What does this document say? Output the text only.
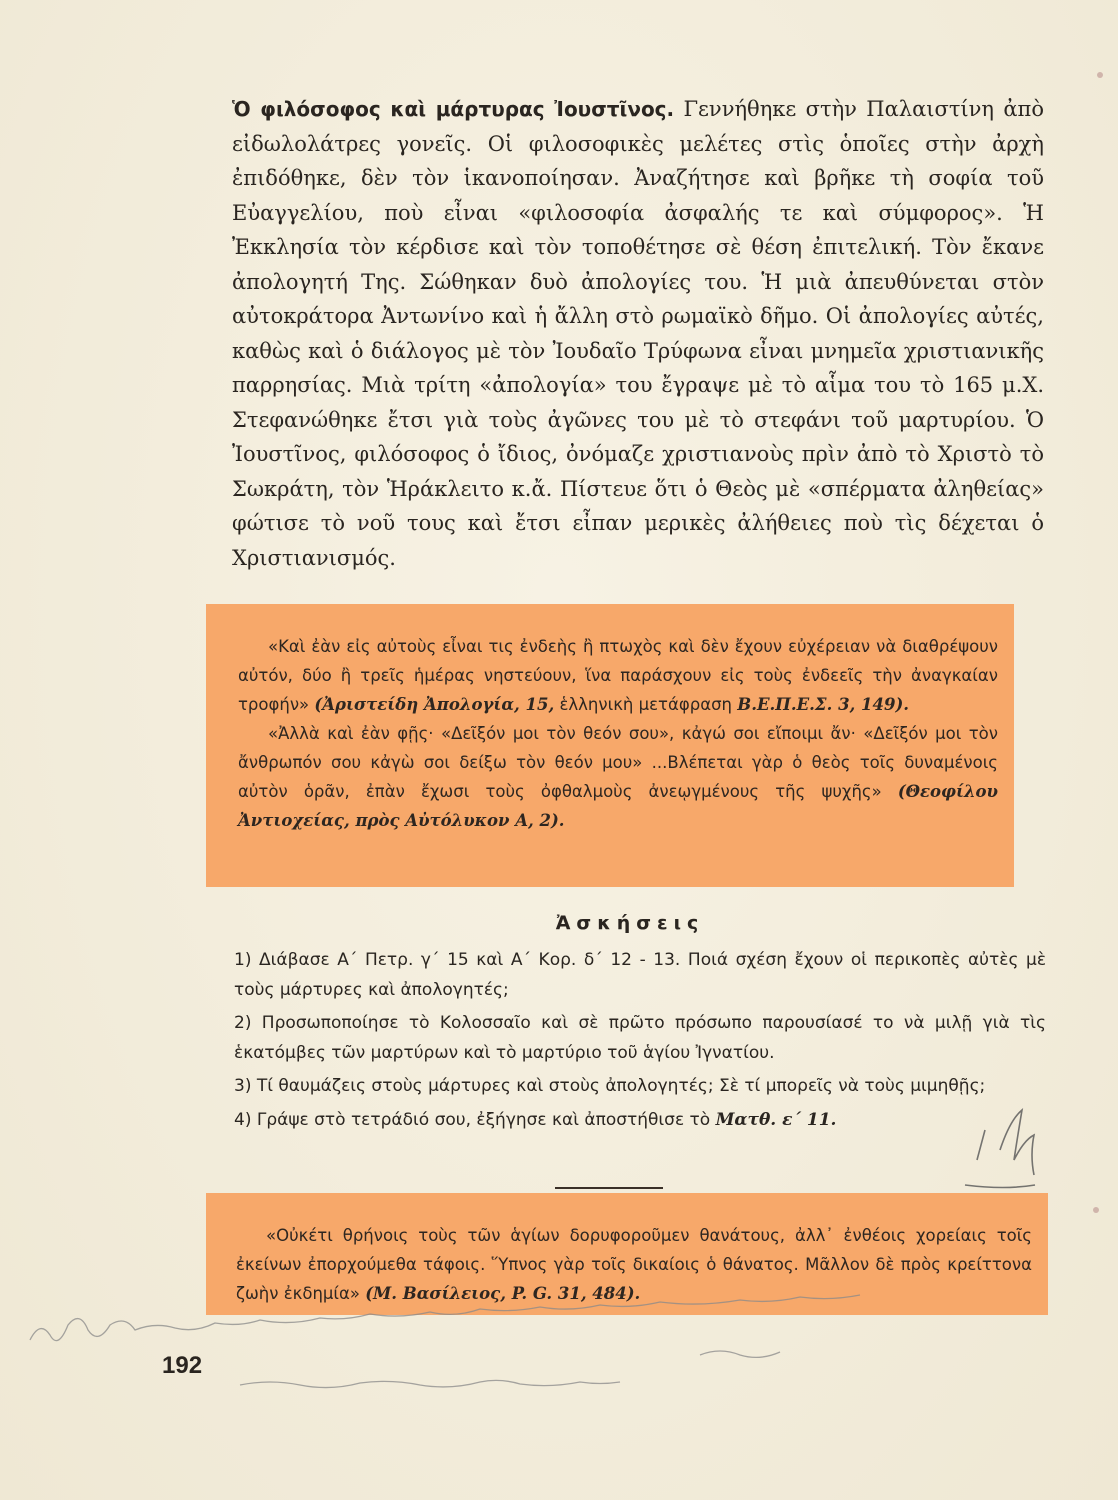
Ὁ φιλόσοφος καὶ μάρτυρας Ἰουστῖνος. Γεννήθηκε στὴν Παλαιστίνη ἀπὸ εἰδωλολάτρες γονεῖς. Οἱ φιλοσοφικὲς μελέτες στὶς ὁποῖες στὴν ἀρχὴ ἐπιδόθηκε, δὲν τὸν ἱκανοποίησαν. Ἀναζήτησε καὶ βρῆκε τὴ σοφία τοῦ Εὐαγγελίου, ποὺ εἶναι «φιλοσοφία ἀσφαλής τε καὶ σύμφορος». Ἡ Ἐκκλησία τὸν κέρδισε καὶ τὸν τοποθέτησε σὲ θέση ἐπιτελική. Τὸν ἔκανε ἀπολογητή Της. Σώθηκαν δυὸ ἀπολογίες του. Ἡ μιὰ ἀπευθύνεται στὸν αὐτοκράτορα Ἀντωνίνο καὶ ἡ ἄλλη στὸ ρωμαϊκὸ δῆμο. Οἱ ἀπολογίες αὐτές, καθὼς καὶ ὁ διάλογος μὲ τὸν Ἰουδαῖο Τρύφωνα εἶναι μνημεῖα χριστιανικῆς παρρησίας. Μιὰ τρίτη «ἀπολογία» του ἔγραψε μὲ τὸ αἷμα του τὸ 165 μ.Χ. Στεφανώθηκε ἔτσι γιὰ τοὺς ἀγῶνες του μὲ τὸ στεφάνι τοῦ μαρτυρίου. Ὁ Ἰουστῖνος, φιλόσοφος ὁ ἴδιος, ὀνόμαζε χριστιανοὺς πρὶν ἀπὸ τὸ Χριστὸ τὸ Σωκράτη, τὸν Ἡράκλειτο κ.ἄ. Πίστευε ὅτι ὁ Θεὸς μὲ «σπέρματα ἀληθείας» φώτισε τὸ νοῦ τους καὶ ἔτσι εἶπαν μερικὲς ἀλήθειες ποὺ τὶς δέχεται ὁ Χριστιανισμός.

«Καὶ ἐὰν εἰς αὐτοὺς εἶναι τις ἐνδεὴς ἢ πτωχὸς καὶ δὲν ἔχουν εὐχέρειαν νὰ διαθρέψουν αὐτόν, δύο ἢ τρεῖς ἡμέρας νηστεύουν, ἵνα παράσχουν εἰς τοὺς ἐνδεεῖς τὴν ἀναγκαίαν τροφήν» (Ἀριστείδη Ἀπολογία, 15, ἑλληνικὴ μετάφραση Β.Ε.Π.Ε.Σ. 3, 149).

«Ἀλλὰ καὶ ἐὰν φῇς· «Δεῖξόν μοι τὸν θεόν σου», κἀγώ σοι εἴποιμι ἄν· «Δεῖξόν μοι τὸν ἄνθρωπόν σου κἀγὼ σοι δείξω τὸν θεόν μου» ...Βλέπεται γὰρ ὁ θεὸς τοῖς δυναμένοις αὐτὸν ὁρᾶν, ἐπὰν ἔχωσι τοὺς ὀφθαλμοὺς ἀνεῳγμένους τῆς ψυχῆς» (Θεοφίλου Ἀντιοχείας, πρὸς Αὐτόλυκον Α, 2).

Ἀσκήσεις

1) Διάβασε Α΄ Πετρ. γ΄ 15 καὶ Α΄ Κορ. δ΄ 12 - 13. Ποιά σχέση ἔχουν οἱ περικοπὲς αὐτὲς μὲ τοὺς μάρτυρες καὶ ἀπολογητές;

2) Προσωποποίησε τὸ Κολοσσαῖο καὶ σὲ πρῶτο πρόσωπο παρουσίασέ το νὰ μιλῇ γιὰ τὶς ἑκατόμβες τῶν μαρτύρων καὶ τὸ μαρτύριο τοῦ ἁγίου Ἰγνατίου.

3) Τί θαυμάζεις στοὺς μάρτυρες καὶ στοὺς ἀπολογητές; Σὲ τί μπορεῖς νὰ τοὺς μιμηθῇς;

4) Γράψε στὸ τετράδιό σου, ἐξήγησε καὶ ἀποστήθισε τὸ Ματθ. ε΄ 11.

«Οὐκέτι θρήνοις τοὺς τῶν ἁγίων δορυφοροῦμεν θανάτους, ἀλλ᾽ ἐνθέοις χορείαις τοῖς ἐκείνων ἐπορχούμεθα τάφοις. Ὕπνος γὰρ τοῖς δικαίοις ὁ θάνατος. Μᾶλλον δὲ πρὸς κρείττονα ζωὴν ἐκδημία» (Μ. Βασίλειος, P. G. 31, 484).

192
